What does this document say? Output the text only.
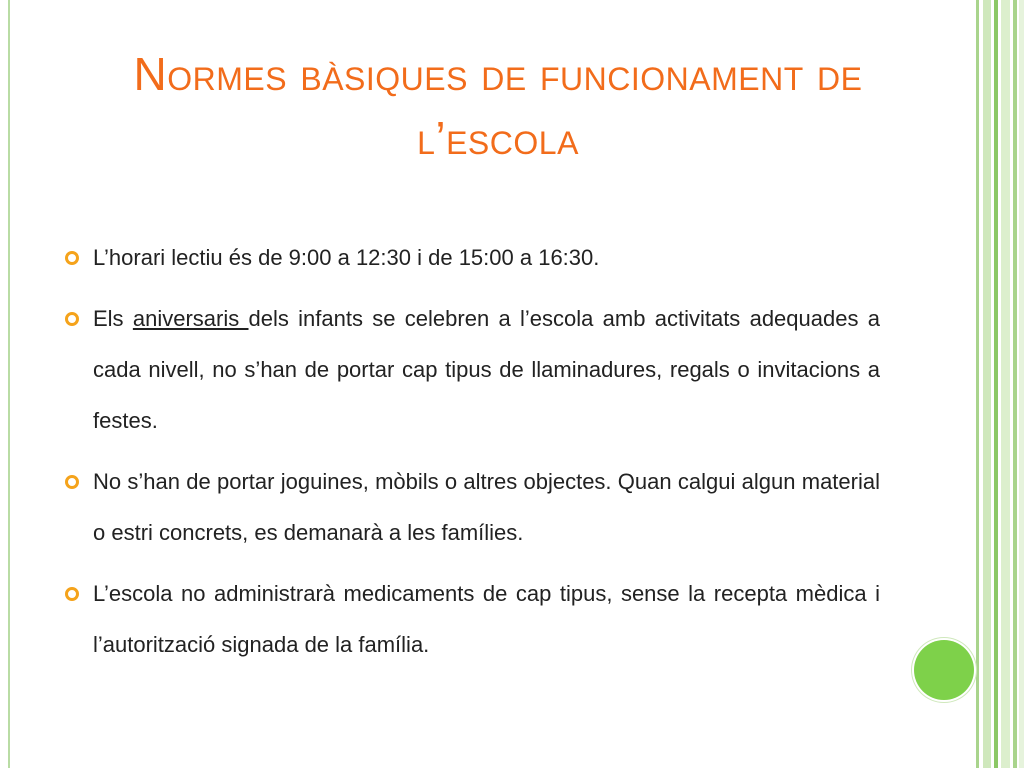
Normes bàsiques de funcionament de l’escola
L’horari lectiu és de 9:00 a 12:30 i de 15:00 a 16:30.
Els aniversaris dels infants se celebren a l’escola amb activitats adequades a cada nivell, no s’han de portar cap tipus de llaminadures, regals o invitacions a festes.
No s’han de portar joguines, mòbils o altres objectes. Quan calgui algun material o estri concrets, es demanarà a les famílies.
L’escola no administrarà medicaments de cap tipus, sense la recepta mèdica i l’autorització signada de la família.
